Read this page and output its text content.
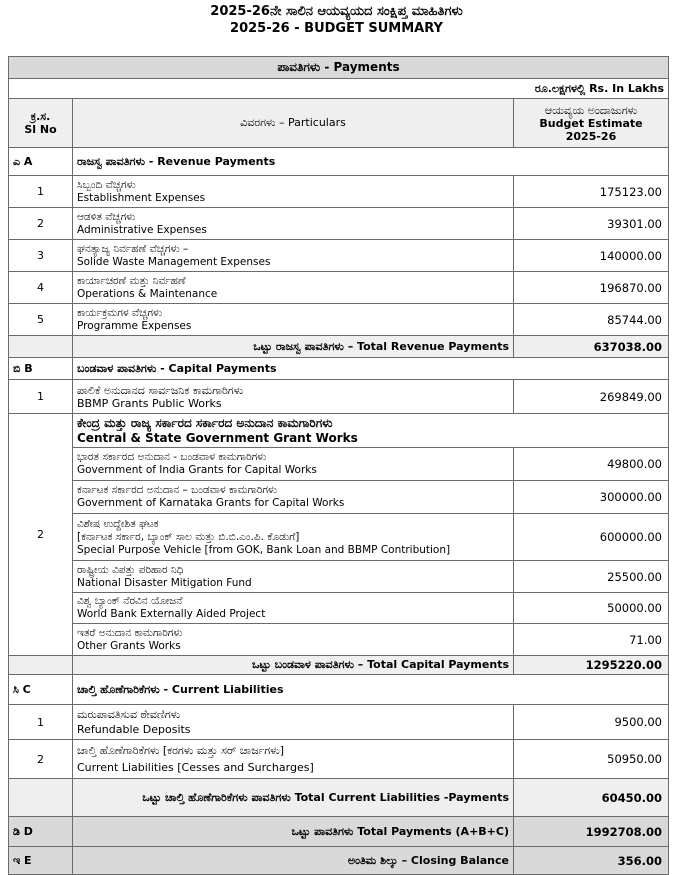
2025-26ನೇ ಸಾಲಿನ ಆಯವ್ಯಯದ ಸಂಕ್ಷಿಪ್ತ ಮಾಹಿತಿಗಳು
2025-26 - BUDGET SUMMARY
ಪಾವತಿಗಳು - Payments		
ರೂ.ಲಕ್ಷಗಳಲ್ಲಿ Rs. In Lakhs		

ಕ್ರ.ಸ.
Sl No	ವಿವರಗಳು – Particulars	ಆಯವ್ಯಯ ಅಂದಾಜುಗಳು
Budget Estimate
2025-26

ಎ A	ರಾಜಸ್ವ ಪಾವತಿಗಳು - Revenue Payments	
1	ಸಿಬ್ಬಂದಿ ವೆಚ್ಚಗಳು
Establishment Expenses	175123.00
2	ಆಡಳಿತ ವೆಚ್ಚಗಳು
Administrative Expenses	39301.00
3	ಘನತ್ಯಾಜ್ಯ ನಿರ್ವಹಣೆ ವೆಚ್ಚಗಳು –
Solide Waste Management Expenses	140000.00
4	ಕಾರ್ಯಾಚರಣೆ ಮತ್ತು ನಿರ್ವಹಣೆ
Operations & Maintenance	196870.00
5	ಕಾರ್ಯಕ್ರಮಗಳ ವೆಚ್ಚಗಳು
Programme Expenses	85744.00
	ಒಟ್ಟು ರಾಜಸ್ವ ಪಾವತಿಗಳು – Total Revenue Payments	637038.00
ಬಿ B	ಬಂಡವಾಳ ಪಾವತಿಗಳು - Capital Payments	
1	ಪಾಲಿಕೆ ಅನುದಾನದ ಸಾರ್ವಜನಿಕ ಕಾಮಗಾರಿಗಳು
BBMP Grants Public Works	269849.00
2	ಕೇಂದ್ರ ಮತ್ತು ರಾಜ್ಯ ಸರ್ಕಾರದ ಸರ್ಕಾರದ ಅನುದಾನ ಕಾಮಗಾರಿಗಳು
Central & State Government Grant Works	

	ಭಾರತ ಸರ್ಕಾರದ ಅನುದಾನ - ಬಂಡವಾಳ ಕಾಮಗಾರಿಗಳು
Government of India Grants for Capital Works	49800.00

	ಕರ್ನಾಟಕ ಸರ್ಕಾರದ ಅನುದಾನ – ಬಂಡವಾಳ ಕಾಮಗಾರಿಗಳು
Government of Karnataka Grants for Capital Works	300000.00

	ವಿಶೇಷ ಉದ್ದೇಶಿತ ಘಟಕ
[ಕರ್ನಾಟಕ ಸರ್ಕಾರ, ಬ್ಯಾಂಕ್ ಸಾಲ ಮತ್ತು ಬಿ.ಬಿ.ಎಂ.ಪಿ. ಕೊಡುಗೆ]
Special Purpose Vehicle [from GOK, Bank Loan and BBMP Contribution]	600000.00

	ರಾಷ್ಟ್ರೀಯ ವಿಪತ್ತು ಪರಿಹಾರ ನಿಧಿ
National Disaster Mitigation Fund	25500.00

	ವಿಶ್ವ ಬ್ಯಾಂಕ್ ನೆರವಿನ ಯೋಜನೆ
World Bank Externally Aided Project	50000.00

	ಇತರೆ ಅನುದಾನ ಕಾಮಗಾರಿಗಳು
Other Grants Works	71.00
	ಒಟ್ಟು ಬಂಡವಾಳ ಪಾವತಿಗಳು – Total Capital Payments	1295220.00
ಸಿ C	ಚಾಲ್ತಿ ಹೊಣೆಗಾರಿಕೆಗಳು - Current Liabilities	
1	ಮರುಪಾವತಿಸುವ ಠೇವಣಿಗಳು
Refundable Deposits	9500.00
2	ಚಾಲ್ತಿ ಹೊಣೆಗಾರಿಕೆಗಳು [ಕರಗಳು ಮತ್ತು ಸರ್ ಚಾರ್ಜಗಳು]
Current Liabilities [Cesses and Surcharges]	50950.00
	ಒಟ್ಟು ಚಾಲ್ತಿ ಹೊಣೆಗಾರಿಕೆಗಳು ಪಾವತಿಗಳು Total Current Liabilities -Payments	60450.00
ಡಿ D	ಒಟ್ಟು ಪಾವತಿಗಳು Total Payments (A+B+C)	1992708.00
ಇ E	ಅಂತಿಮ ಶಿಲ್ಕು – Closing Balance	356.00
